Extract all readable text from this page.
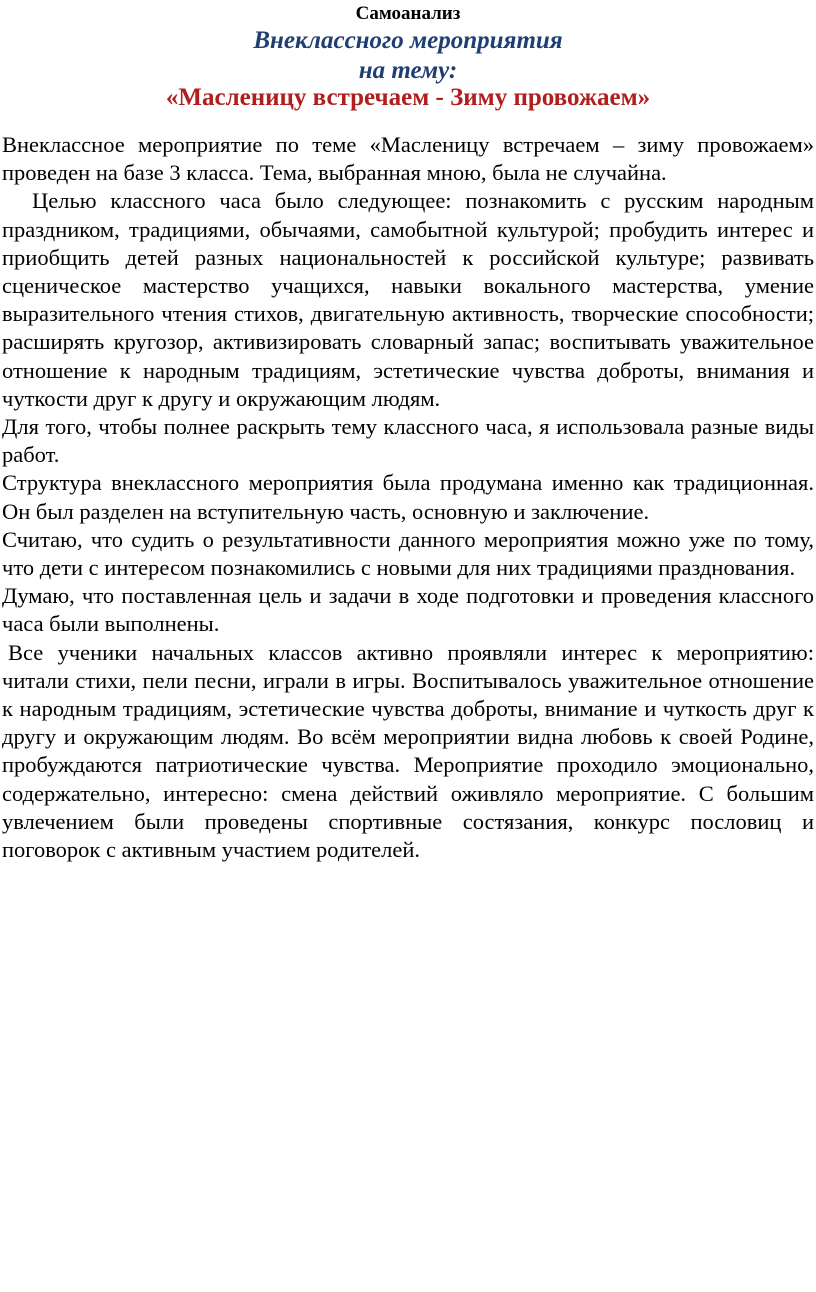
Самоанализ
Внеклассного мероприятия
на тему:
«Масленицу встречаем - Зиму провожаем»

Внеклассное мероприятие по теме «Масленицу встречаем – зиму провожаем» проведен на базе 3 класса. Тема, выбранная мною, была не случайна.

Целью классного часа было следующее: познакомить с русским народным праздником, традициями, обычаями, самобытной культурой; пробудить интерес и приобщить детей разных национальностей к российской культуре; развивать сценическое мастерство учащихся, навыки вокального мастерства, умение выразительного чтения стихов, двигательную активность, творческие способности; расширять кругозор, активизировать словарный запас; воспитывать уважительное отношение к народным традициям, эстетические чувства доброты, внимания и чуткости друг к другу и окружающим людям.

Для того, чтобы полнее раскрыть тему классного часа, я использовала разные виды работ.

Структура внеклассного мероприятия была продумана именно как традиционная. Он был разделен на вступительную часть, основную и заключение.

Считаю, что судить о результативности данного мероприятия можно уже по тому, что дети с интересом познакомились с новыми для них традициями празднования.

Думаю, что поставленная цель и задачи в ходе подготовки и проведения классного часа были выполнены.

Все ученики начальных классов активно проявляли интерес к мероприятию: читали стихи, пели песни, играли в игры. Воспитывалось уважительное отношение к народным традициям, эстетические чувства доброты, внимание и чуткость друг к другу и окружающим людям. Во всём мероприятии видна любовь к своей Родине, пробуждаются патриотические чувства. Мероприятие проходило эмоционально, содержательно, интересно: смена действий оживляло мероприятие. С большим увлечением были проведены спортивные состязания, конкурс пословиц и поговорок с активным участием родителей.
